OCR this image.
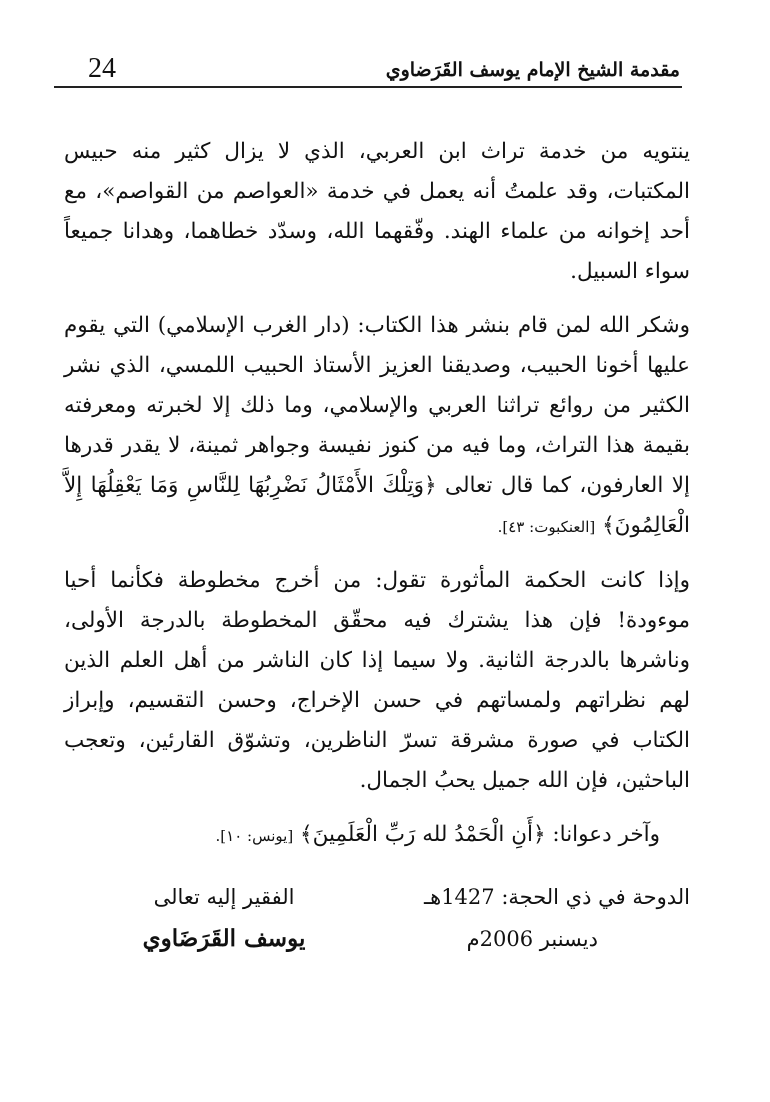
24	مقدمة الشيخ الإمام يوسف القَرَضاوي

ينتويه من خدمة تراث ابن العربي، الذي لا يزال كثير منه حبيس المكتبات، وقد علمتُ أنه يعمل في خدمة «العواصم من القواصم»، مع أحد إخوانه من علماء الهند. وفّقهما الله، وسدّد خطاهما، وهدانا جميعاً سواء السبيل.

وشكر الله لمن قام بنشر هذا الكتاب: (دار الغرب الإسلامي) التي يقوم عليها أخونا الحبيب، وصديقنا العزيز الأستاذ الحبيب اللمسي، الذي نشر الكثير من روائع تراثنا العربي والإسلامي، وما ذلك إلا لخبرته ومعرفته بقيمة هذا التراث، وما فيه من كنوز نفيسة وجواهر ثمينة، لا يقدر قدرها إلا العارفون، كما قال تعالى ﴿وَتِلْكَ الأَمْثَالُ نَضْرِبُهَا لِلنَّاسِ وَمَا يَعْقِلُهَا إِلاَّ الْعَالِمُونَ﴾ [العنكبوت: ٤٣].

وإذا كانت الحكمة المأثورة تقول: من أخرج مخطوطة فكأنما أحيا موءودة! فإن هذا يشترك فيه محقّق المخطوطة بالدرجة الأولى، وناشرها بالدرجة الثانية. ولا سيما إذا كان الناشر من أهل العلم الذين لهم نظراتهم ولمساتهم في حسن الإخراج، وحسن التقسيم، وإبراز الكتاب في صورة مشرقة تسرّ الناظرين، وتشوّق القارئين، وتعجب الباحثين، فإن الله جميل يحبُ الجمال.

وآخر دعوانا: ﴿أَنِ الْحَمْدُ لله رَبِّ الْعَلَمِينَ﴾ [يونس: ١٠].

الدوحة في ذي الحجة: 1427هـ
ديسنبر 2006م
الفقير إليه تعالى
يوسف القَرَضَاوي
